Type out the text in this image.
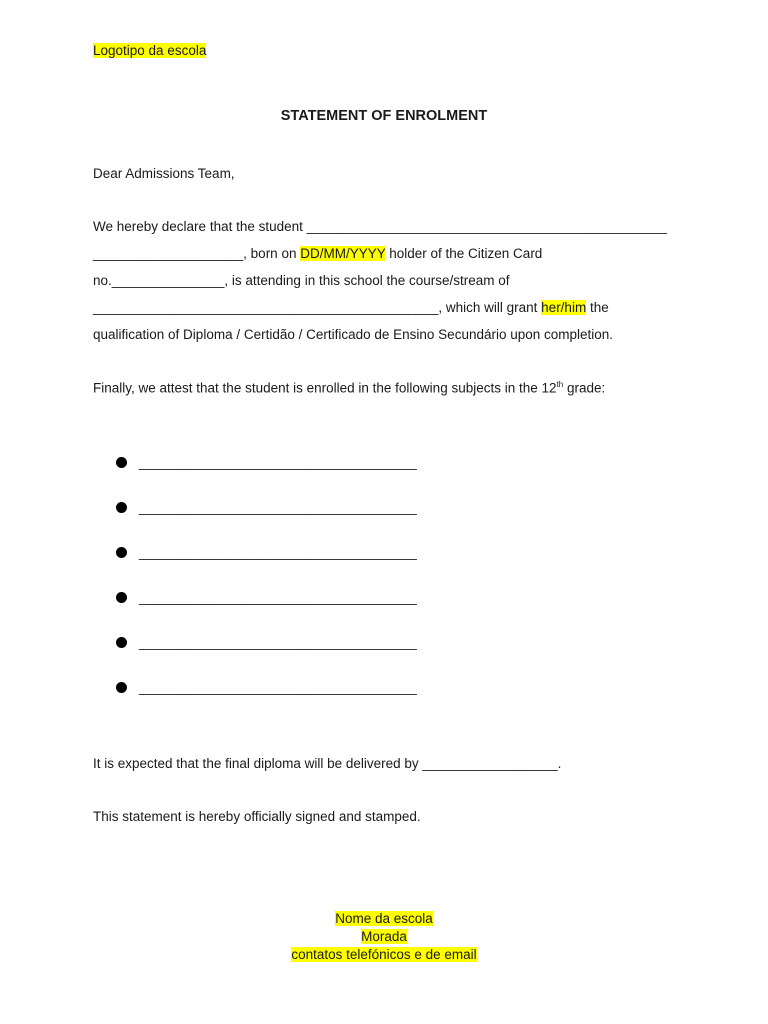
Logotipo da escola
STATEMENT OF ENROLMENT
Dear Admissions Team,
We hereby declare that the student ________________________________________________
____________________, born on DD/MM/YYYY holder of the Citizen Card
no._______________, is attending in this school the course/stream of
______________________________________________, which will grant her/him the
qualification of Diploma / Certidão / Certificado de Ensino Secundário upon completion.
Finally, we attest that the student is enrolled in the following subjects in the 12th grade:
_____________________________________
_____________________________________
_____________________________________
_____________________________________
_____________________________________
_____________________________________
It is expected that the final diploma will be delivered by __________________.
This statement is hereby officially signed and stamped.
Nome da escola
Morada
contatos telefónicos e de email
